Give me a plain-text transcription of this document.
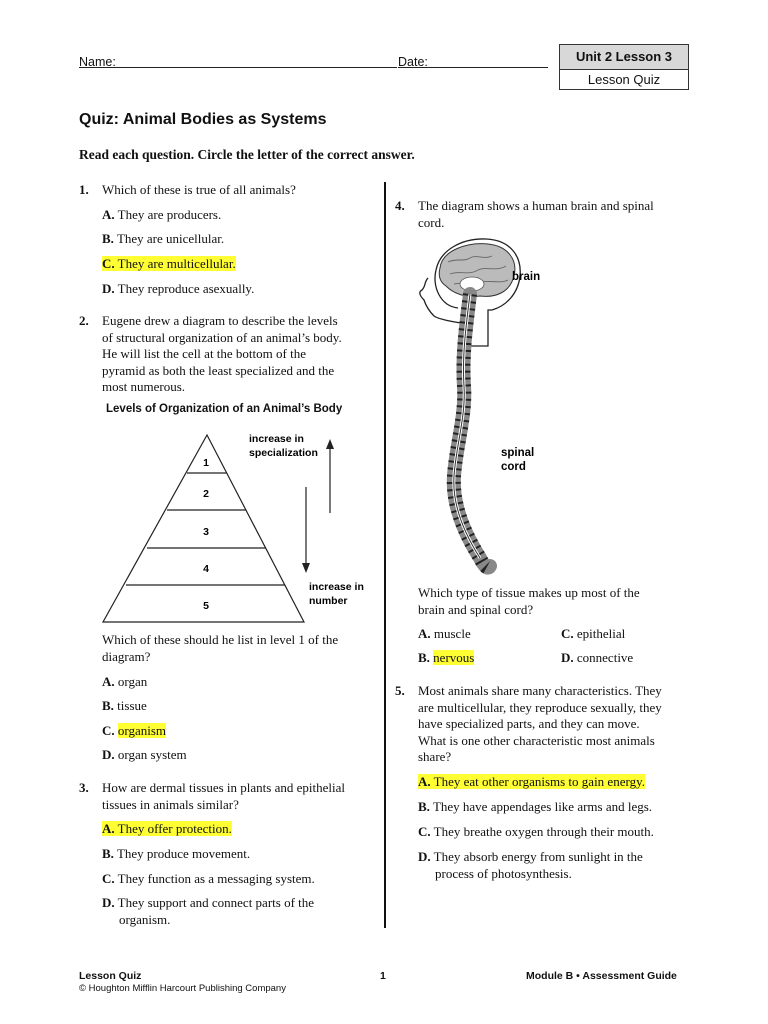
Name:	Date:	Unit 2 Lesson 3
Lesson Quiz
Quiz: Animal Bodies as Systems
Read each question. Circle the letter of the correct answer.
1. Which of these is true of all animals?
A. They are producers.
B. They are unicellular.
C. They are multicellular.
D. They reproduce asexually.
2. Eugene drew a diagram to describe the levels
of structural organization of an animal’s body.
He will list the cell at the bottom of the
pyramid as both the least specialized and the
most numerous.
Levels of Organization of an Animal’s Body
1
2
3
4
5
increase in
specialization
increase in
number
Which of these should he list in level 1 of the
diagram?
A. organ
B. tissue
C. organism
D. organ system
3. How are dermal tissues in plants and epithelial
tissues in animals similar?
A. They offer protection.
B. They produce movement.
C. They function as a messaging system.
D. They support and connect parts of the
organism.
4. The diagram shows a human brain and spinal
cord.
brain
spinal
cord
Which type of tissue makes up most of the
brain and spinal cord?
A. muscle
B. nervous
C. epithelial
D. connective
5. Most animals share many characteristics. They
are multicellular, they reproduce sexually, they
have specialized parts, and they can move.
What is one other characteristic most animals
share?
A. They eat other organisms to gain energy.
B. They have appendages like arms and legs.
C. They breathe oxygen through their mouth.
D. They absorb energy from sunlight in the
process of photosynthesis.
Lesson Quiz
© Houghton Mifflin Harcourt Publishing Company
1	Module B • Assessment Guide
